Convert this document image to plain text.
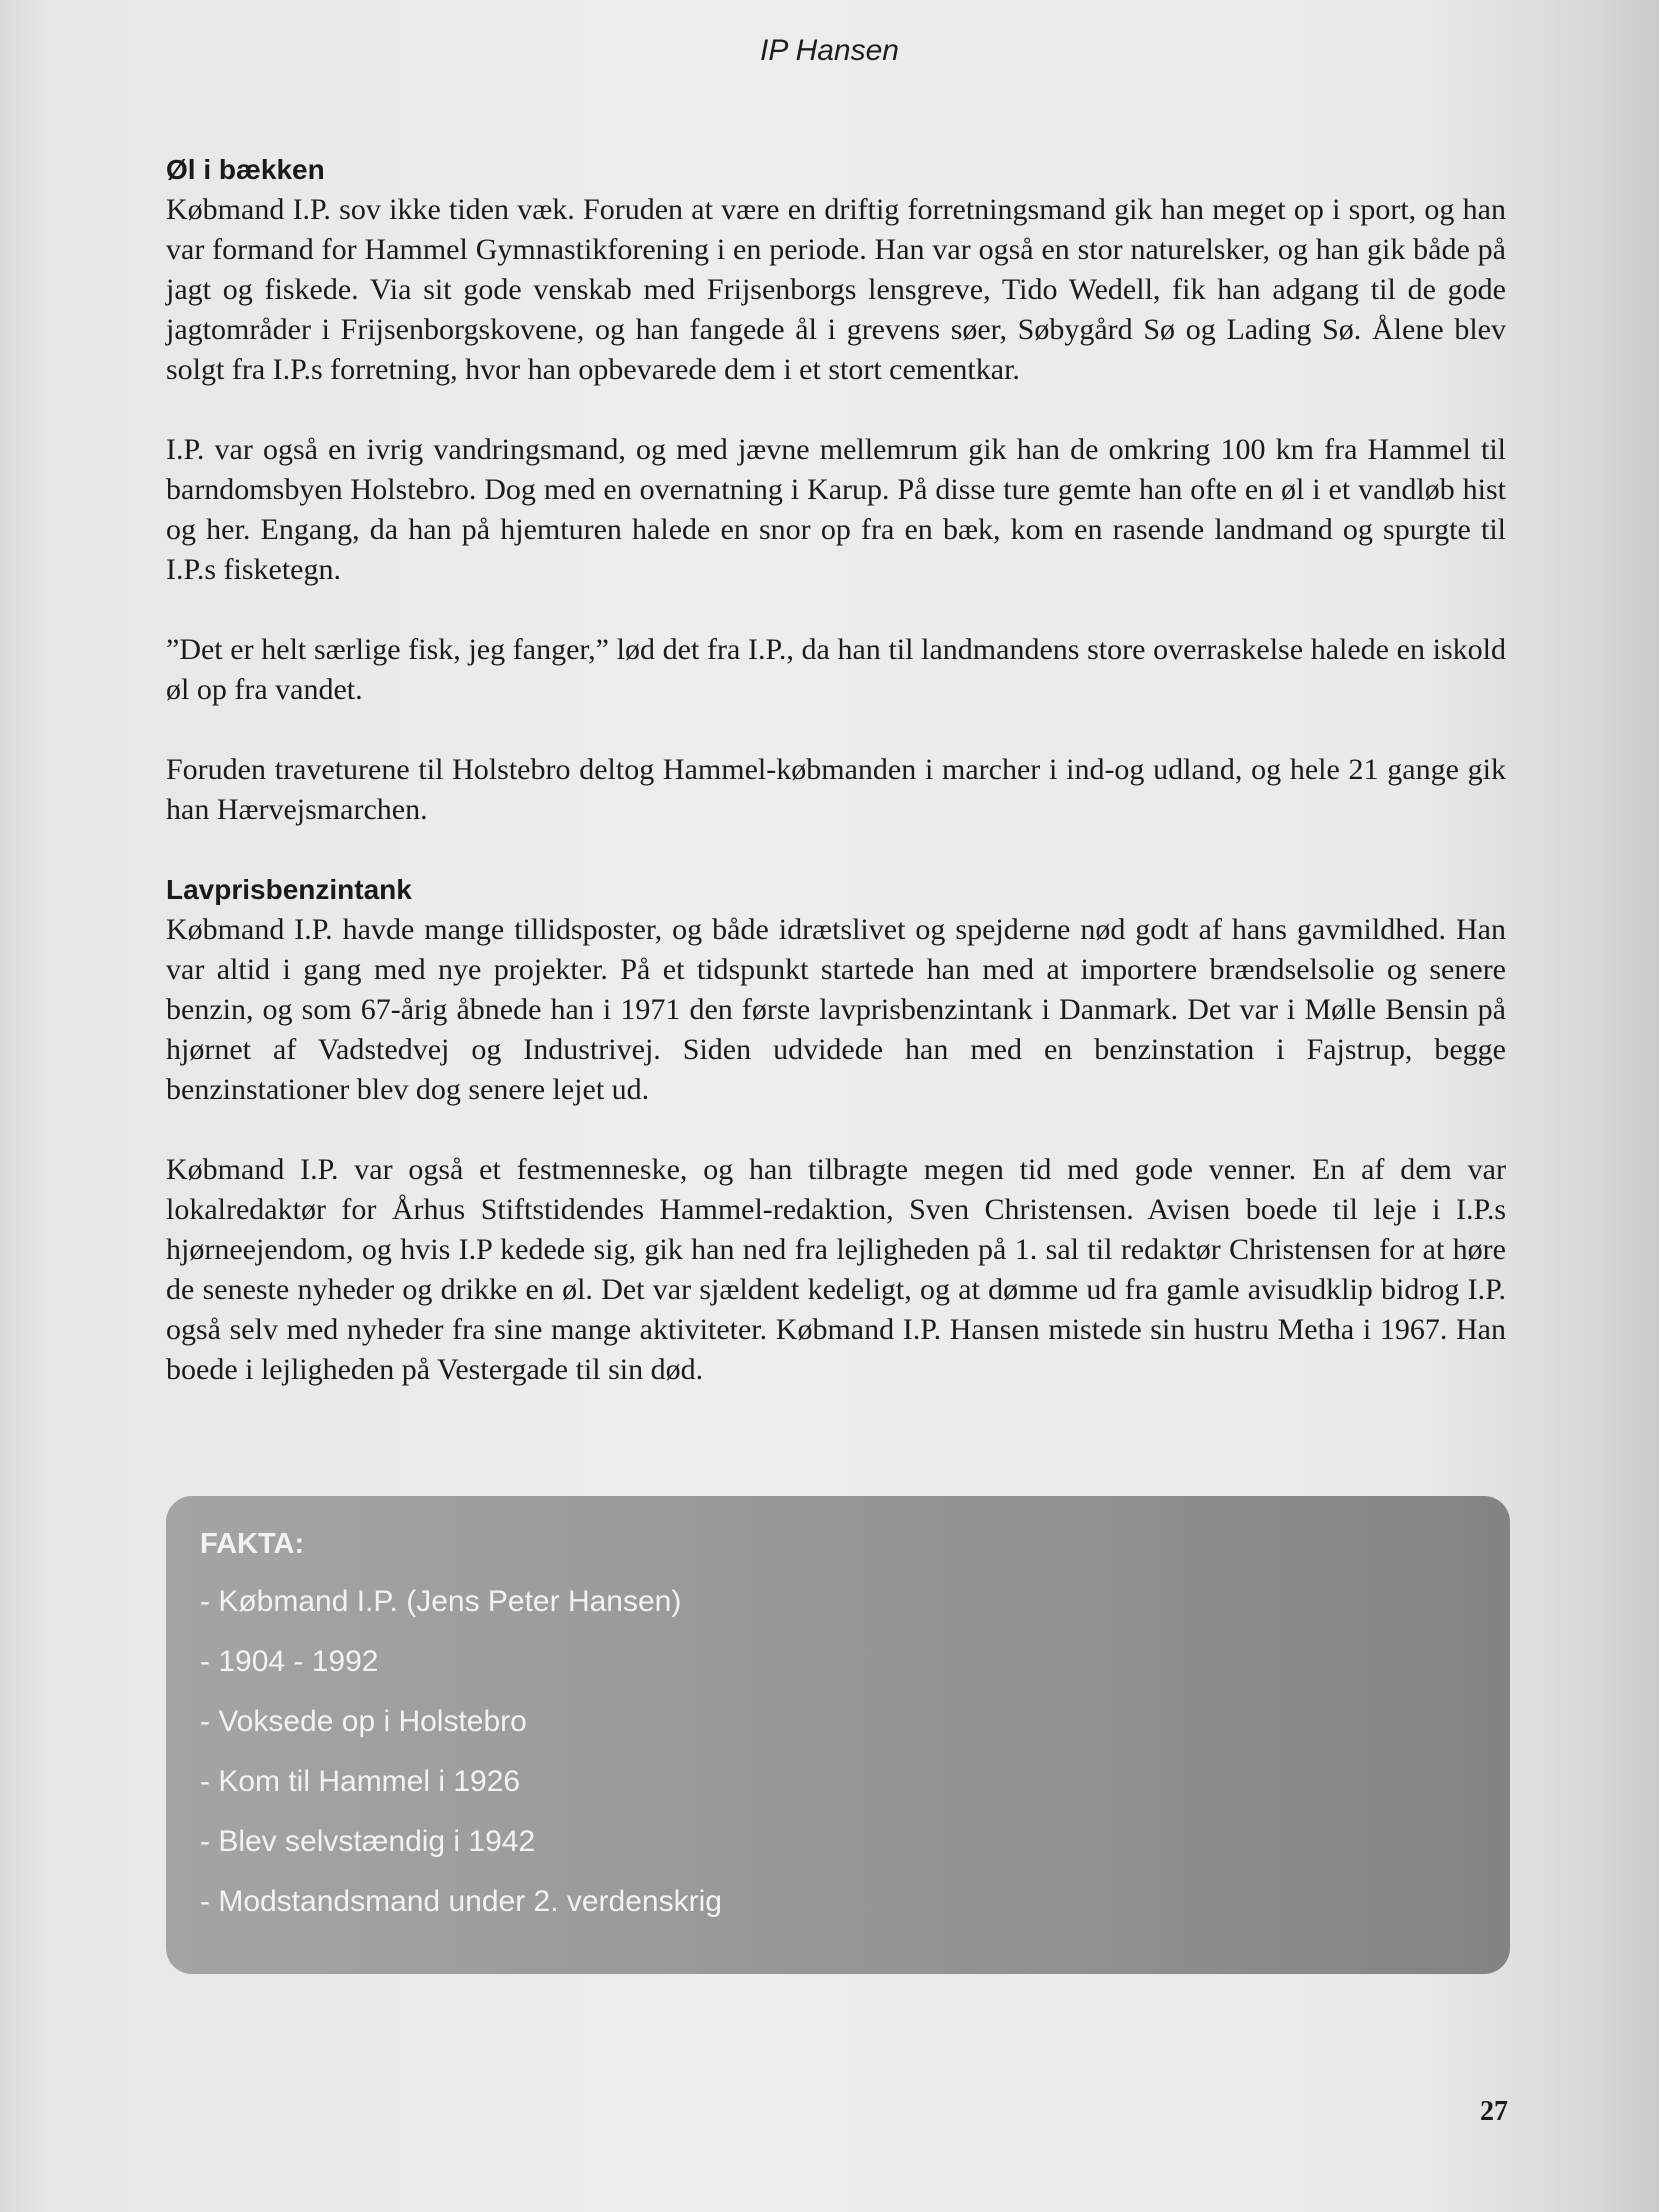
IP Hansen
Øl i bækken

Købmand I.P. sov ikke tiden væk. Foruden at være en driftig forretningsmand gik han meget op i sport, og han var formand for Hammel Gymnastikforening i en periode. Han var også en stor naturelsker, og han gik både på jagt og fiskede. Via sit gode venskab med Frijsenborgs lensgreve, Tido Wedell, fik han adgang til de gode jagtområder i Frijsenborgskovene, og han fangede ål i grevens søer, Søbygård Sø og Lading Sø. Ålene blev solgt fra I.P.s forretning, hvor han opbevarede dem i et stort cementkar.

I.P. var også en ivrig vandringsmand, og med jævne mellemrum gik han de omkring 100 km fra Hammel til barndomsbyen Holstebro. Dog med en overnatning i Karup. På disse ture gemte han ofte en øl i et vandløb hist og her. Engang, da han på hjemturen halede en snor op fra en bæk, kom en rasende landmand og spurgte til I.P.s fisketegn.

”Det er helt særlige fisk, jeg fanger,” lød det fra I.P., da han til landmandens store overraskelse halede en iskold øl op fra vandet.

Foruden traveturene til Holstebro deltog Hammel-købmanden i marcher i ind-og udland, og hele 21 gange gik han Hærvejsmarchen.

Lavprisbenzintank

Købmand I.P. havde mange tillidsposter, og både idrætslivet og spejderne nød godt af hans gavmildhed. Han var altid i gang med nye projekter. På et tidspunkt startede han med at importere brændselsolie og senere benzin, og som 67-årig åbnede han i 1971 den første lavprisbenzintank i Danmark. Det var i Mølle Bensin på hjørnet af Vadstedvej og Industrivej. Siden udvidede han med en benzinstation i Fajstrup, begge benzinstationer blev dog senere lejet ud.

Købmand I.P. var også et festmenneske, og han tilbragte megen tid med gode venner. En af dem var lokalredaktør for Århus Stiftstidendes Hammel-redaktion, Sven Christensen. Avisen boede til leje i I.P.s hjørneejendom, og hvis I.P kedede sig, gik han ned fra lejligheden på 1. sal til redaktør Christensen for at høre de seneste nyheder og drikke en øl. Det var sjældent kedeligt, og at dømme ud fra gamle avisudklip bidrog I.P. også selv med nyheder fra sine mange aktiviteter. Købmand I.P. Hansen mistede sin hustru Metha i 1967. Han boede i lejligheden på Vestergade til sin død.

FAKTA:

- Købmand I.P. (Jens Peter Hansen)

- 1904 - 1992

- Voksede op i Holstebro

- Kom til Hammel i 1926

- Blev selvstændig i 1942

- Modstandsmand under 2. verdenskrig

27
